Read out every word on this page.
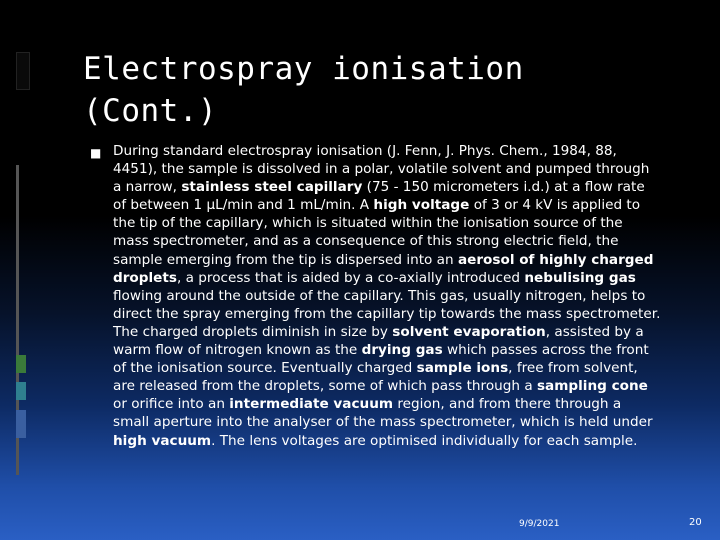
Electrospray ionisation
(Cont.)
■ During standard electrospray ionisation (J. Fenn, J. Phys. Chem., 1984, 88, 4451), the sample is dissolved in a polar, volatile solvent and pumped through a narrow, stainless steel capillary (75 - 150 micrometers i.d.) at a flow rate of between 1 µL/min and 1 mL/min. A high voltage of 3 or 4 kV is applied to the tip of the capillary, which is situated within the ionisation source of the mass spectrometer, and as a consequence of this strong electric field, the sample emerging from the tip is dispersed into an aerosol of highly charged droplets, a process that is aided by a co-axially introduced nebulising gas flowing around the outside of the capillary. This gas, usually nitrogen, helps to direct the spray emerging from the capillary tip towards the mass spectrometer. The charged droplets diminish in size by solvent evaporation, assisted by a warm flow of nitrogen known as the drying gas which passes across the front of the ionisation source. Eventually charged sample ions, free from solvent, are released from the droplets, some of which pass through a sampling cone or orifice into an intermediate vacuum region, and from there through a small aperture into the analyser of the mass spectrometer, which is held under high vacuum. The lens voltages are optimised individually for each sample.
9/9/2021	20
